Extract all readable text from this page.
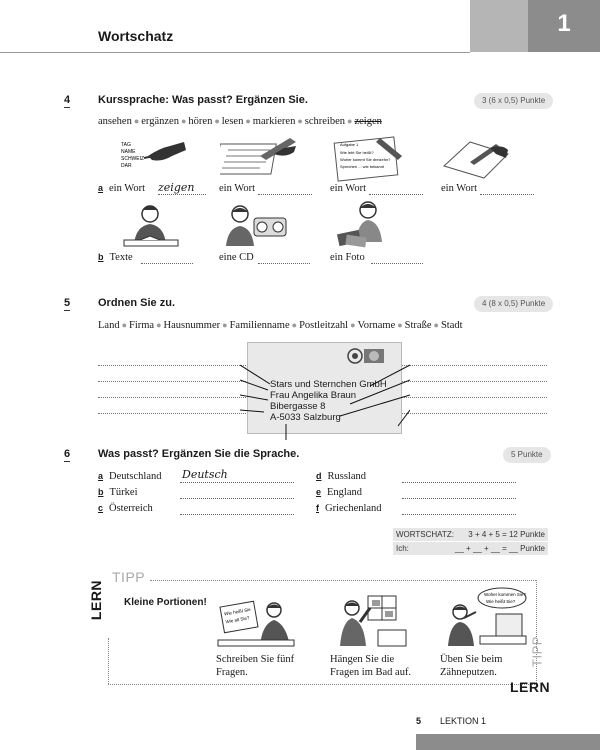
Wortschatz	1
4	Kurssprache: Was passt? Ergänzen Sie.	3 (6 x 0,5) Punkte
ansehen ● ergänzen ● hören ● lesen ● markieren ● schreiben ● zeigen
TAG
NAME
SCHWEIZ
DAR
Aufgabe 1
Wie lebt Sie heißt?
Woher kommt Sie dreizehn?
Sprechen ... wie bekannt
a ein Wort zeigen ein Wort	ein Wort	ein Wort
b Texte	eine CD	ein Foto
5	Ordnen Sie zu.	4 (8 x 0,5) Punkte
Land ● Firma ● Hausnummer ● Familienname ● Postleitzahl ● Vorname ● Straße ● Stadt
Stars und Sternchen GmbH
Frau Angelika Braun
Bibergasse 8
A-5033 Salzburg
6	Was passt? Ergänzen Sie die Sprache.	5 Punkte
a Deutschland Deutsch
b Türkei
c Österreich
d Russland
e England
f Griechenland
WORTSCHATZ: 3 + 4 + 5 = 12 Punkte
Ich:	__ + __ + __ = __ Punkte
LERN
TIPP
Kleine Portionen!
Wie heißt Sie
Wie alt Sie?
Woher kommen Sie?
Wie heißt Sie?
Schreiben Sie fünf
Fragen.
Hängen Sie die
Fragen im Bad auf.
Üben Sie beim
Zähneputzen.
TIPP
LERN
5 LEKTION 1
